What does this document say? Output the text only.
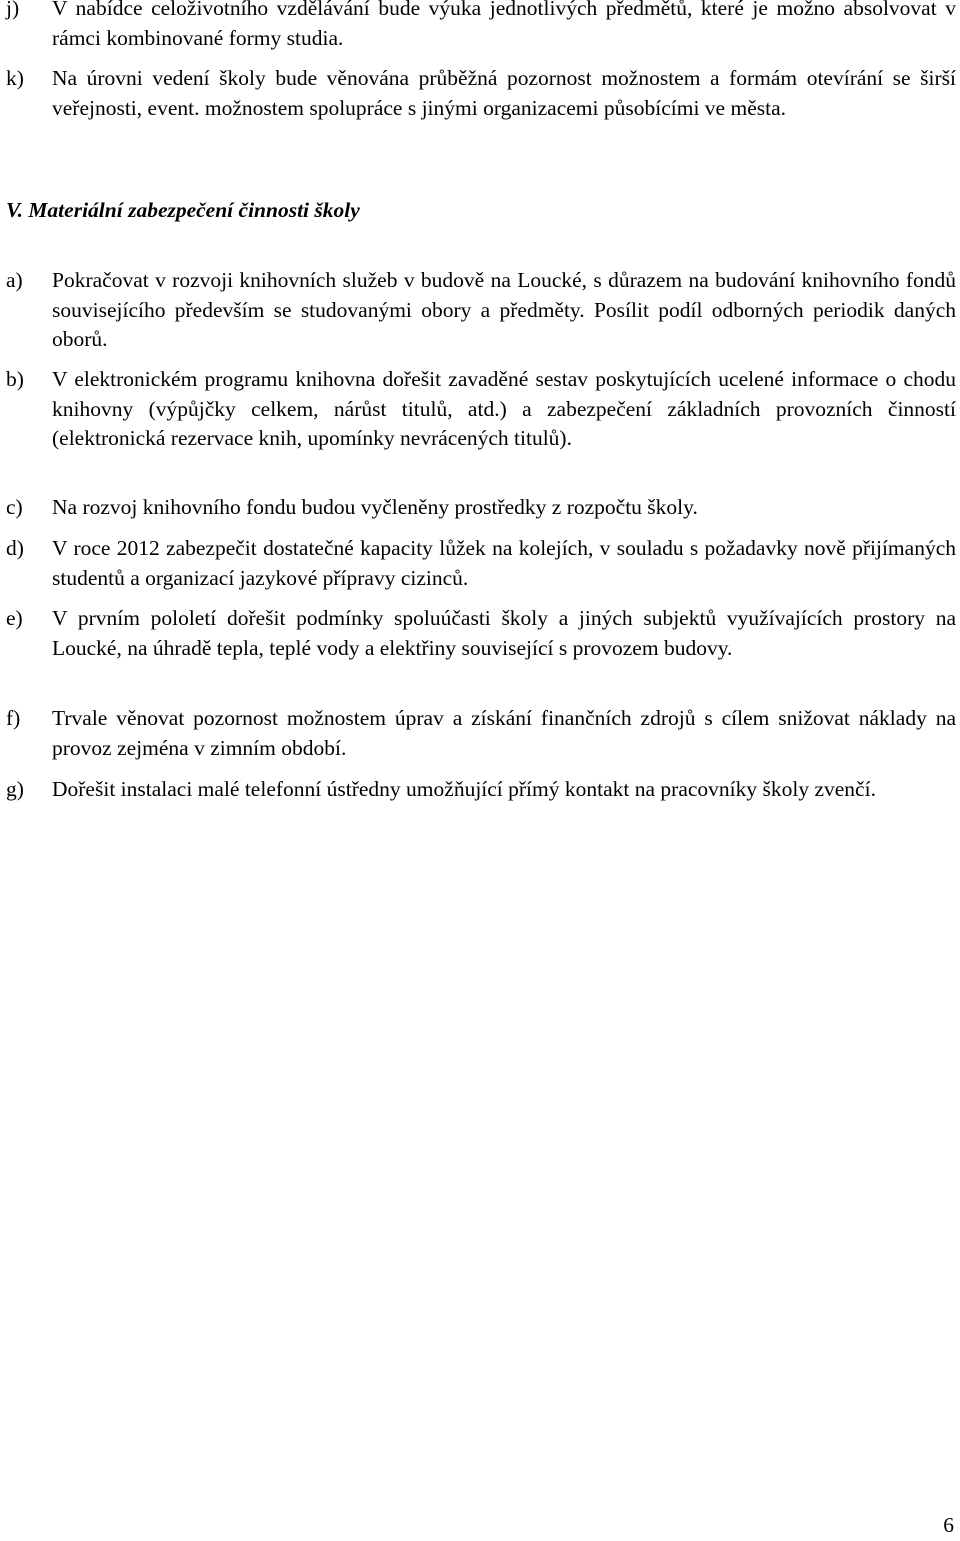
j) V nabídce celoživotního vzdělávání bude výuka jednotlivých předmětů, které je možno absolvovat v rámci kombinované formy studia.
k) Na úrovni vedení školy bude věnována průběžná pozornost možnostem a formám otevírání se širší veřejnosti, event. možnostem spolupráce s jinými organizacemi působícími ve města.
V. Materiální zabezpečení činnosti školy
a) Pokračovat v rozvoji knihovních služeb v budově na Loucké, s důrazem na budování knihovního fondů souvisejícího především se studovanými obory a předměty. Posílit podíl odborných periodik daných oborů.
b) V elektronickém programu knihovna dořešit zavaděné sestav poskytujících ucelené informace o chodu knihovny (výpůjčky celkem, nárůst titulů, atd.) a zabezpečení základních provozních činností (elektronická rezervace knih, upomínky nevrácených titulů).
c) Na rozvoj knihovního fondu budou vyčleněny prostředky z rozpočtu školy.
d) V roce 2012 zabezpečit dostatečné kapacity lůžek na kolejích, v souladu s požadavky nově přijímaných studentů a organizací jazykové přípravy cizinců.
e) V prvním pololetí dořešit podmínky spoluúčasti školy a jiných subjektů využívajících prostory na Loucké, na úhradě tepla, teplé vody a elektřiny související s provozem budovy.
f) Trvale věnovat pozornost možnostem úprav a získání finančních zdrojů s cílem snižovat náklady na provoz zejména v zimním období.
g) Dořešit instalaci malé telefonní ústředny umožňující přímý kontakt na pracovníky školy zvenčí.
6
